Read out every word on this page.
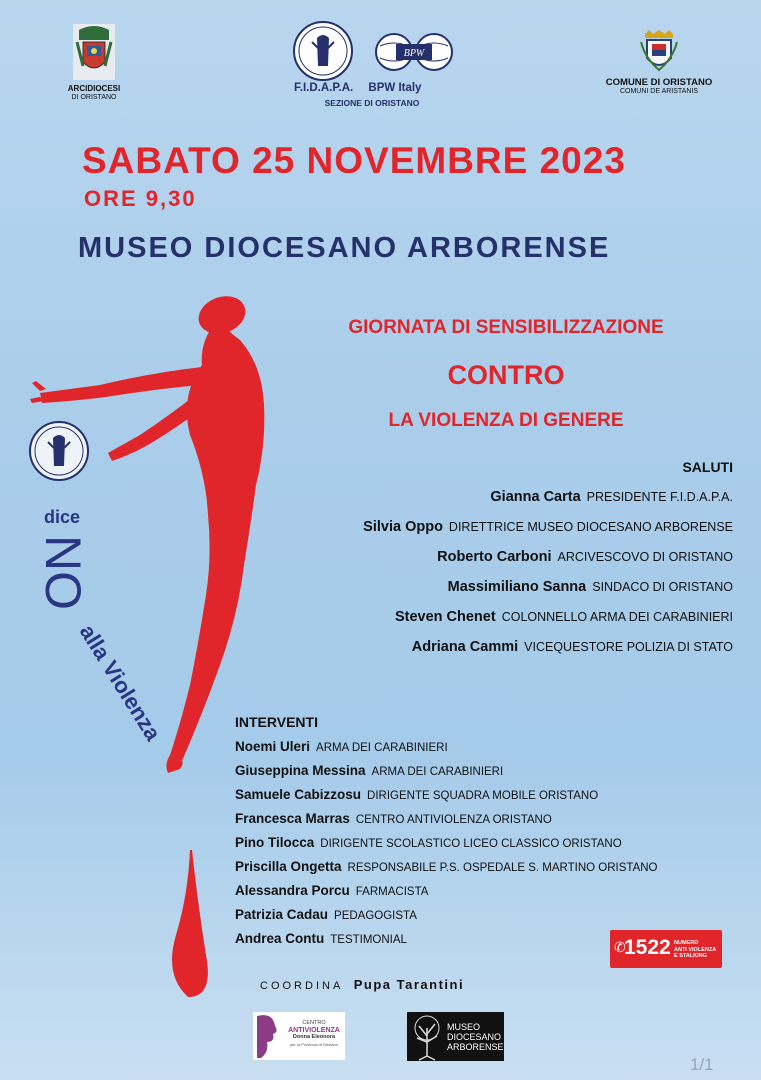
ARCIDIOCESI
DI ORISTANO
BPW
F.I.D.A.P.A. BPW Italy
SEZIONE DI ORISTANO
COMUNE DI ORISTANO
COMUNI DE ARISTANIS
SABATO 25 NOVEMBRE 2023
ORE 9,30
MUSEO DIOCESANO ARBORENSE
dice
NO
alla Violenza
GIORNATA DI SENSIBILIZZAZIONE
CONTRO
LA VIOLENZA DI GENERE
SALUTI
Gianna Carta PRESIDENTE F.I.D.A.P.A.
Silvia Oppo DIRETTRICE MUSEO DIOCESANO ARBORENSE
Roberto Carboni ARCIVESCOVO DI ORISTANO
Massimiliano Sanna SINDACO DI ORISTANO
Steven Chenet COLONNELLO ARMA DEI CARABINIERI
Adriana Cammi VICEQUESTORE POLIZIA DI STATO
INTERVENTI
Noemi Uleri ARMA DEI CARABINIERI
Giuseppina Messina ARMA DEI CARABINIERI
Samuele Cabizzosu DIRIGENTE SQUADRA MOBILE ORISTANO
Francesca Marras CENTRO ANTIVIOLENZA ORISTANO
Pino Tilocca DIRIGENTE SCOLASTICO LICEO CLASSICO ORISTANO
Priscilla Ongetta RESPONSABILE P.S. OSPEDALE S. MARTINO ORISTANO
Alessandra Porcu FARMACISTA
Patrizia Cadau PEDAGOGISTA
Andrea Contu TESTIMONIAL	✆
1522 NUMERO
ANTI VIOLENZA
E STALKING
COORDINA Pupa Tarantini
CENTRO
ANTIVIOLENZA
Donna Eleonora
per la Provincia di Oristano
MUSEO
DIOCESANO
ARBORENSE
1/1
